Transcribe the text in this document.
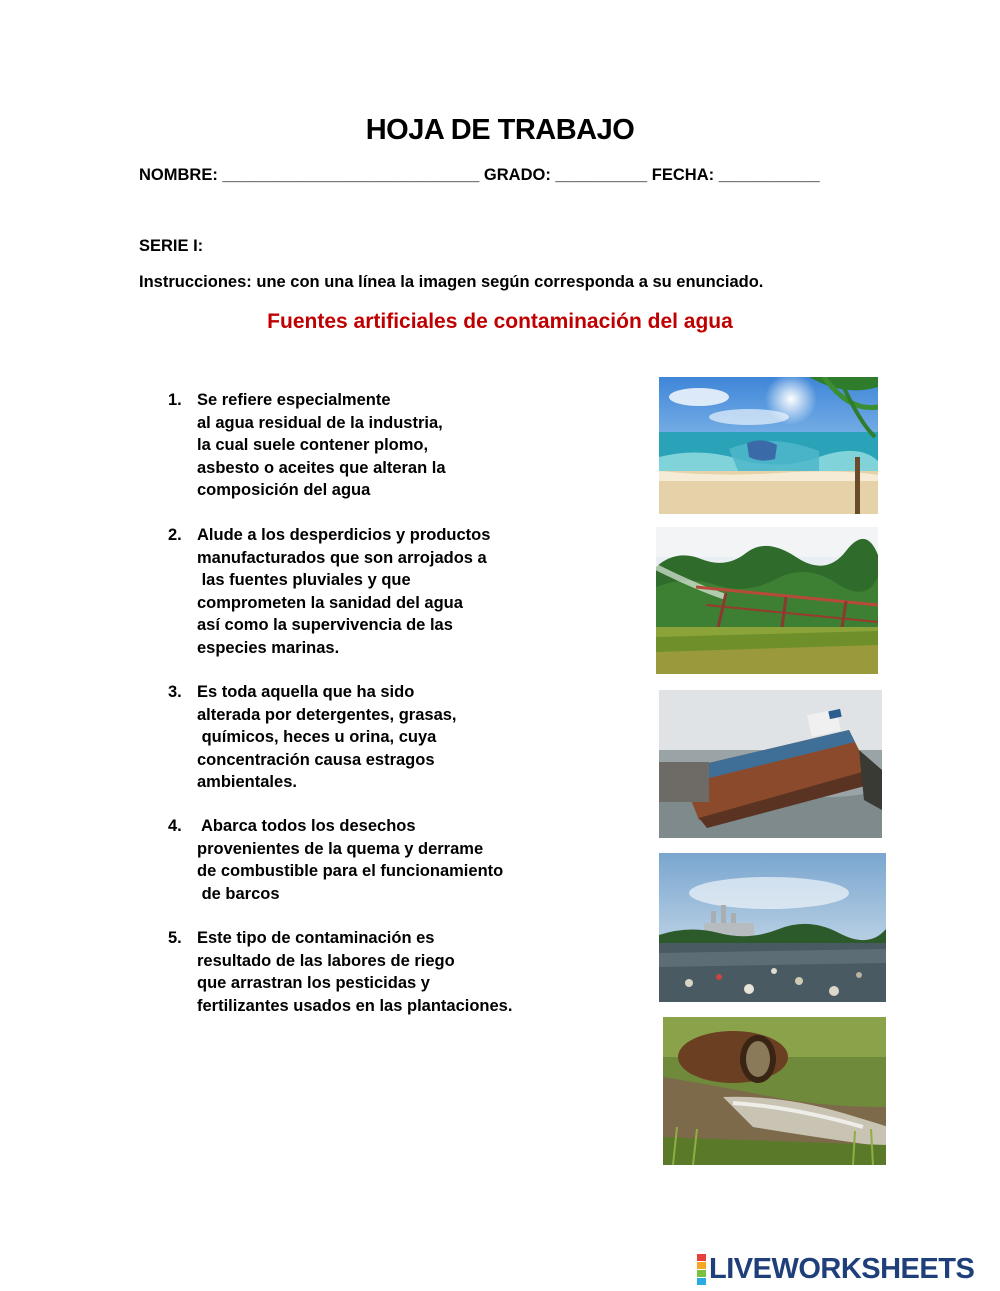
HOJA DE TRABAJO
NOMBRE: ____________________________ GRADO: __________ FECHA: ___________
SERIE I:
Instrucciones: une con una línea la imagen según corresponda a su enunciado.
Fuentes artificiales de contaminación del agua
1. Se refiere especialmente
al agua residual de la industria,
la cual suele contener plomo,
asbesto o aceites que alteran la
composición del agua
2. Alude a los desperdicios y productos
manufacturados que son arrojados a
las fuentes pluviales y que
comprometen la sanidad del agua
así como la supervivencia de las
especies marinas.
3. Es toda aquella que ha sido
alterada por detergentes, grasas,
químicos, heces u orina, cuya
concentración causa estragos
ambientales.
4. Abarca todos los desechos
provenientes de la quema y derrame
de combustible para el funcionamiento
de barcos
5. Este tipo de contaminación es
resultado de las labores de riego
que arrastran los pesticidas y
fertilizantes usados en las plantaciones.
LIVEWORKSHEETS
